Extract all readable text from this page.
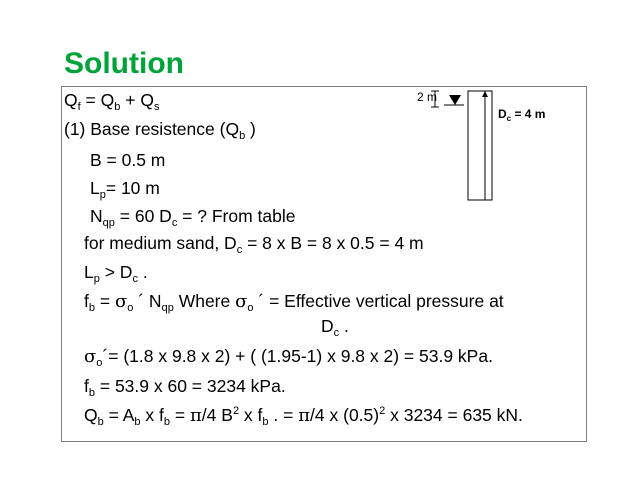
Solution
2 m
$D_c = 4$ m
$Q_f = Q_b + Q_s$
(1) Base resistence ($Q_b$ )
B = 0.5 m
$L_p= 10$ m
$N_{qp} = 60$ $D_c$ = ? From table
for medium sand, $D_c = 8$ x B = 8 x 0.5 = 4 m
$L_p > D_c$ .
$f_b = \sigma_o$ ´ $N_{qp}$ Where $\sigma_o$ ´ = Effective vertical pressure at
$D_c$ .
$\sigma_o´= (1.8$ x 9.8 x 2) + ( (1.95-1) x 9.8 x 2) = 53.9 kPa.
$f_b = 53.9$ x 60 = 3234 kPa.
$Q_b = A_b$ x $f_b = \pi/4$ $B^2$ x $f_b$ . = π/4 x $(0.5)^2$ x 3234 = 635 kN.
